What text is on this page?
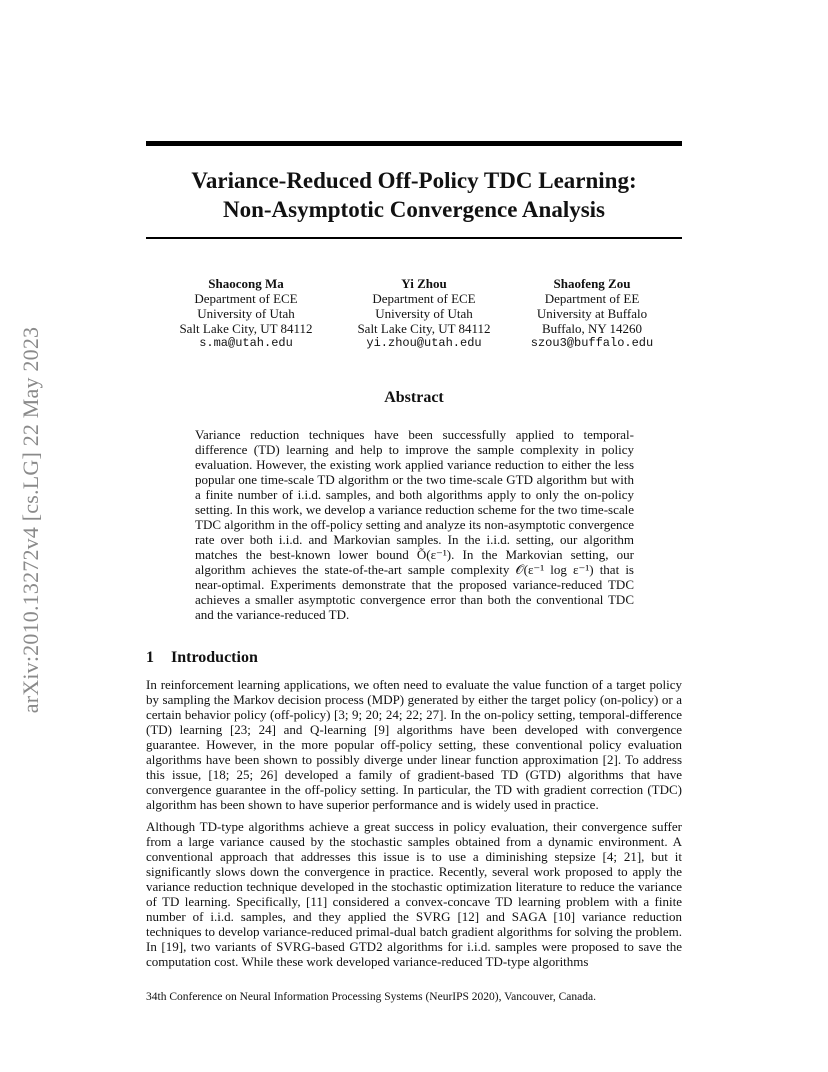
arXiv:2010.13272v4 [cs.LG] 22 May 2023
Variance-Reduced Off-Policy TDC Learning:
Non-Asymptotic Convergence Analysis
Shaocong Ma
Department of ECE
University of Utah
Salt Lake City, UT 84112
s.ma@utah.edu
Yi Zhou
Department of ECE
University of Utah
Salt Lake City, UT 84112
yi.zhou@utah.edu
Shaofeng Zou
Department of EE
University at Buffalo
Buffalo, NY 14260
szou3@buffalo.edu
Abstract
Variance reduction techniques have been successfully applied to temporal-difference (TD) learning and help to improve the sample complexity in policy evaluation. However, the existing work applied variance reduction to either the less popular one time-scale TD algorithm or the two time-scale GTD algorithm but with a finite number of i.i.d. samples, and both algorithms apply to only the on-policy setting. In this work, we develop a variance reduction scheme for the two time-scale TDC algorithm in the off-policy setting and analyze its non-asymptotic convergence rate over both i.i.d. and Markovian samples. In the i.i.d. setting, our algorithm matches the best-known lower bound Õ(ε⁻¹). In the Markovian setting, our algorithm achieves the state-of-the-art sample complexity 𝒪(ε⁻¹ log ε⁻¹) that is near-optimal. Experiments demonstrate that the proposed variance-reduced TDC achieves a smaller asymptotic convergence error than both the conventional TDC and the variance-reduced TD.
1 Introduction
In reinforcement learning applications, we often need to evaluate the value function of a target policy by sampling the Markov decision process (MDP) generated by either the target policy (on-policy) or a certain behavior policy (off-policy) [3; 9; 20; 24; 22; 27]. In the on-policy setting, temporal-difference (TD) learning [23; 24] and Q-learning [9] algorithms have been developed with convergence guarantee. However, in the more popular off-policy setting, these conventional policy evaluation algorithms have been shown to possibly diverge under linear function approximation [2]. To address this issue, [18; 25; 26] developed a family of gradient-based TD (GTD) algorithms that have convergence guarantee in the off-policy setting. In particular, the TD with gradient correction (TDC) algorithm has been shown to have superior performance and is widely used in practice.
Although TD-type algorithms achieve a great success in policy evaluation, their convergence suffer from a large variance caused by the stochastic samples obtained from a dynamic environment. A conventional approach that addresses this issue is to use a diminishing stepsize [4; 21], but it significantly slows down the convergence in practice. Recently, several work proposed to apply the variance reduction technique developed in the stochastic optimization literature to reduce the variance of TD learning. Specifically, [11] considered a convex-concave TD learning problem with a finite number of i.i.d. samples, and they applied the SVRG [12] and SAGA [10] variance reduction techniques to develop variance-reduced primal-dual batch gradient algorithms for solving the problem. In [19], two variants of SVRG-based GTD2 algorithms for i.i.d. samples were proposed to save the computation cost. While these work developed variance-reduced TD-type algorithms
34th Conference on Neural Information Processing Systems (NeurIPS 2020), Vancouver, Canada.
